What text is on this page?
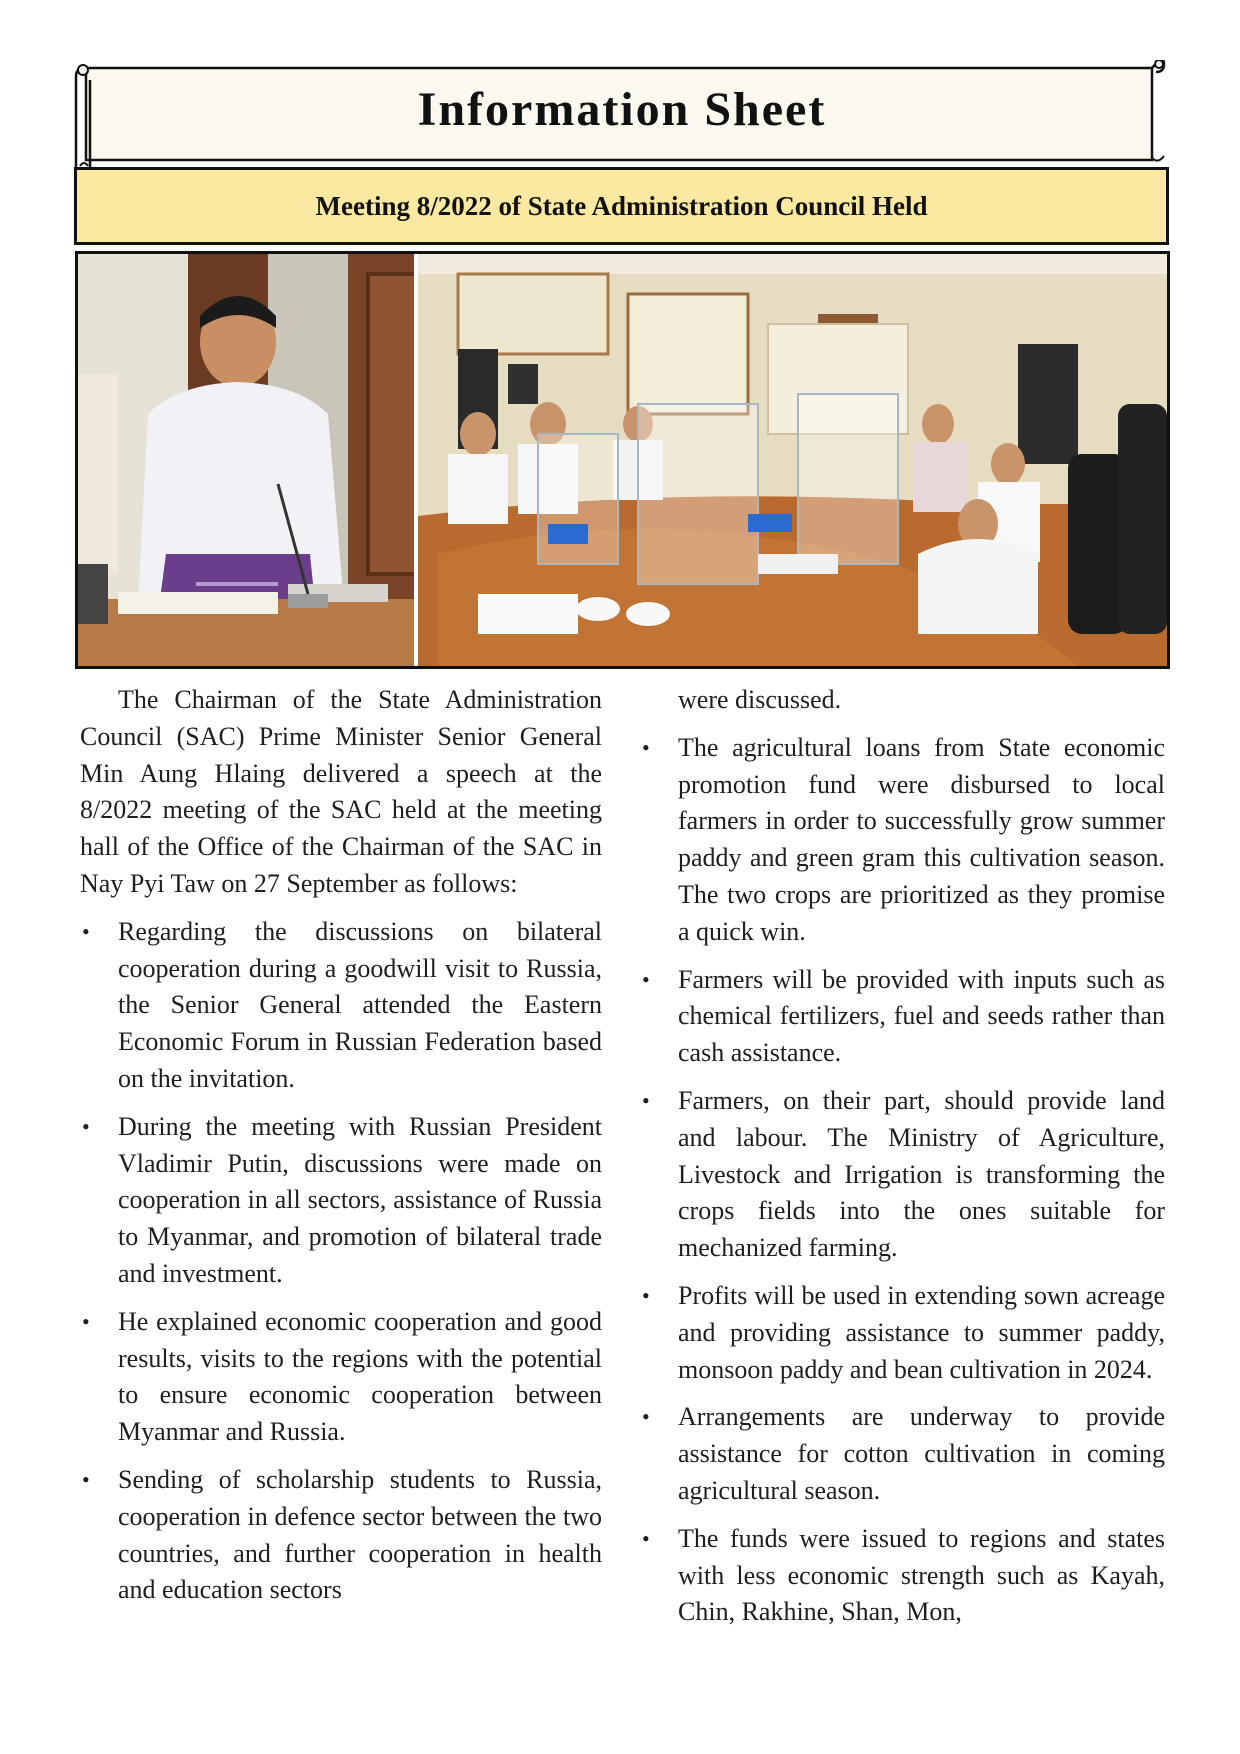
Information Sheet
Meeting 8/2022 of State Administration Council Held

The Chairman of the State Administration Council (SAC) Prime Minister Senior General Min Aung Hlaing delivered a speech at the 8/2022 meeting of the SAC held at the meeting hall of the Office of the Chairman of the SAC in Nay Pyi Taw on 27 September as follows:

• Regarding the discussions on bilateral cooperation during a goodwill visit to Russia, the Senior General attended the Eastern Economic Forum in Russian Federation based on the invitation.
• During the meeting with Russian President Vladimir Putin, discussions were made on cooperation in all sectors, assistance of Russia to Myanmar, and promotion of bilateral trade and investment.
• He explained economic cooperation and good results, visits to the regions with the potential to ensure economic cooperation between Myanmar and Russia.
• Sending of scholarship students to Russia, cooperation in defence sector between the two countries, and further cooperation in health and education sectors

were discussed.

• The agricultural loans from State economic promotion fund were disbursed to local farmers in order to successfully grow summer paddy and green gram this cultivation season. The two crops are prioritized as they promise a quick win.
• Farmers will be provided with inputs such as chemical fertilizers, fuel and seeds rather than cash assistance.
• Farmers, on their part, should provide land and labour. The Ministry of Agriculture, Livestock and Irrigation is transforming the crops fields into the ones suitable for mechanized farming.
• Profits will be used in extending sown acreage and providing assistance to summer paddy, monsoon paddy and bean cultivation in 2024.
• Arrangements are underway to provide assistance for cotton cultivation in coming agricultural season.
• The funds were issued to regions and states with less economic strength such as Kayah, Chin, Rakhine, Shan, Mon,
